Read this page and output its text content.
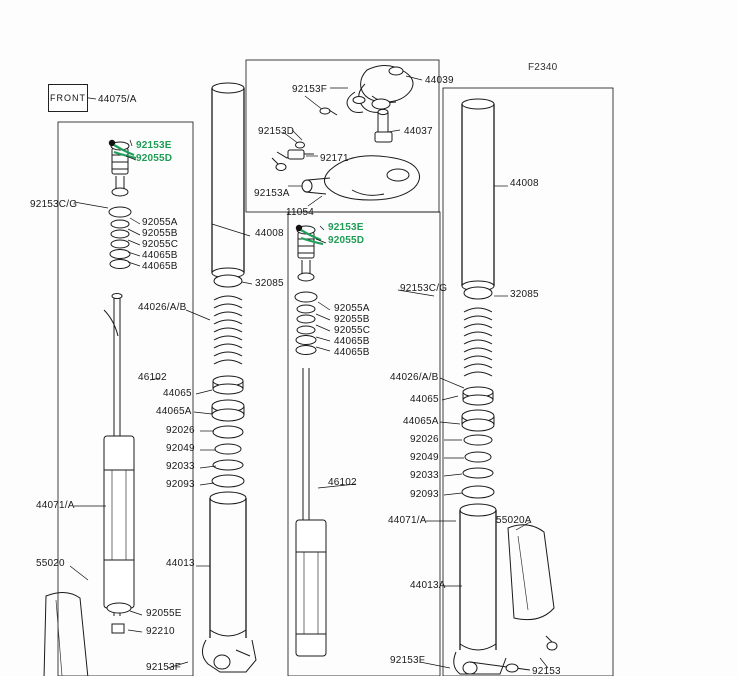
FRONT
F2340
44075/A
92153F
44039
92153D	44037
92171
92153A
11054
92153E
92055D
92153C/G
92055A
92055B
92055C
44065B
44065B
44008
32085
44026/A/B
46102
44065
44065A
92026
92049
92033
92093
44071/A
55020	44013
92055E
92210
92153F
44008
92153E
92055D
92153C/G
32085
92055A
92055B
92055C
44065B
44065B
44026/A/B
44065
44065A
92026
92049
92033
92093
44071/A	55020A
46102
44013A
92153F
92153
